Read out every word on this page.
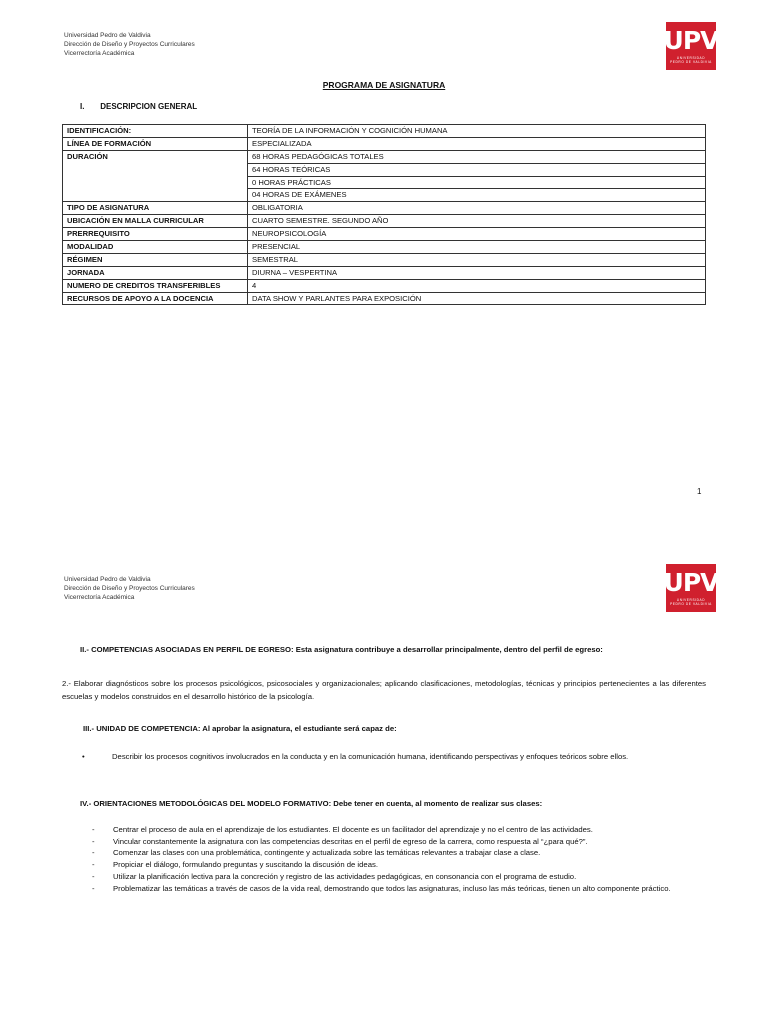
Universidad Pedro de Valdivia
Dirección de Diseño y Proyectos Curriculares
Vicerrectoría Académica	UPV
UNIVERSIDAD
PEDRO DE VALDIVIA
PROGRAMA DE ASIGNATURA
I. DESCRIPCION GENERAL
IDENTIFICACIÓN:	TEORÍA DE LA INFORMACIÓN Y COGNICIÓN HUMANA
LÍNEA DE FORMACIÓN	ESPECIALIZADA
DURACIÓN	68 HORAS PEDAGÓGICAS TOTALES
	64 HORAS TEÓRICAS
	0 HORAS PRÁCTICAS
	04 HORAS DE EXÁMENES
TIPO DE ASIGNATURA	OBLIGATORIA
UBICACIÓN EN MALLA CURRICULAR	CUARTO SEMESTRE. SEGUNDO AÑO
PRERREQUISITO	NEUROPSICOLOGÍA
MODALIDAD	PRESENCIAL
RÉGIMEN	SEMESTRAL
JORNADA	DIURNA – VESPERTINA
NUMERO DE CREDITOS TRANSFERIBLES	4
RECURSOS DE APOYO A LA DOCENCIA	DATA SHOW Y PARLANTES PARA EXPOSICIÓN
1
Universidad Pedro de Valdivia
Dirección de Diseño y Proyectos Curriculares
Vicerrectoría Académica
UPV
UNIVERSIDAD
PEDRO DE VALDIVIA
II.- COMPETENCIAS ASOCIADAS EN PERFIL DE EGRESO: Esta asignatura contribuye a desarrollar principalmente, dentro del perfil de egreso:
2.- Elaborar diagnósticos sobre los procesos psicológicos, psicosociales y organizacionales; aplicando clasificaciones, metodologías, técnicas y principios pertenecientes a las diferentes escuelas y modelos construidos en el desarrollo histórico de la psicología.
III.- UNIDAD DE COMPETENCIA: Al aprobar la asignatura, el estudiante será capaz de:
•	Describir los procesos cognitivos involucrados en la conducta y en la comunicación humana, identificando perspectivas y enfoques teóricos sobre ellos.
IV.- ORIENTACIONES METODOLÓGICAS DEL MODELO FORMATIVO: Debe tener en cuenta, al momento de realizar sus clases:
-	Centrar el proceso de aula en el aprendizaje de los estudiantes. El docente es un facilitador del aprendizaje y no el centro de las actividades.
-	Vincular constantemente la asignatura con las competencias descritas en el perfil de egreso de la carrera, como respuesta al “¿para qué?”.
-	Comenzar las clases con una problemática, contingente y actualizada sobre las temáticas relevantes a trabajar clase a clase.
-	Propiciar el diálogo, formulando preguntas y suscitando la discusión de ideas.
-	Utilizar la planificación lectiva para la concreción y registro de las actividades pedagógicas, en consonancia con el programa de estudio.
-	Problematizar las temáticas a través de casos de la vida real, demostrando que todos las asignaturas, incluso las más teóricas, tienen un alto componente práctico.
